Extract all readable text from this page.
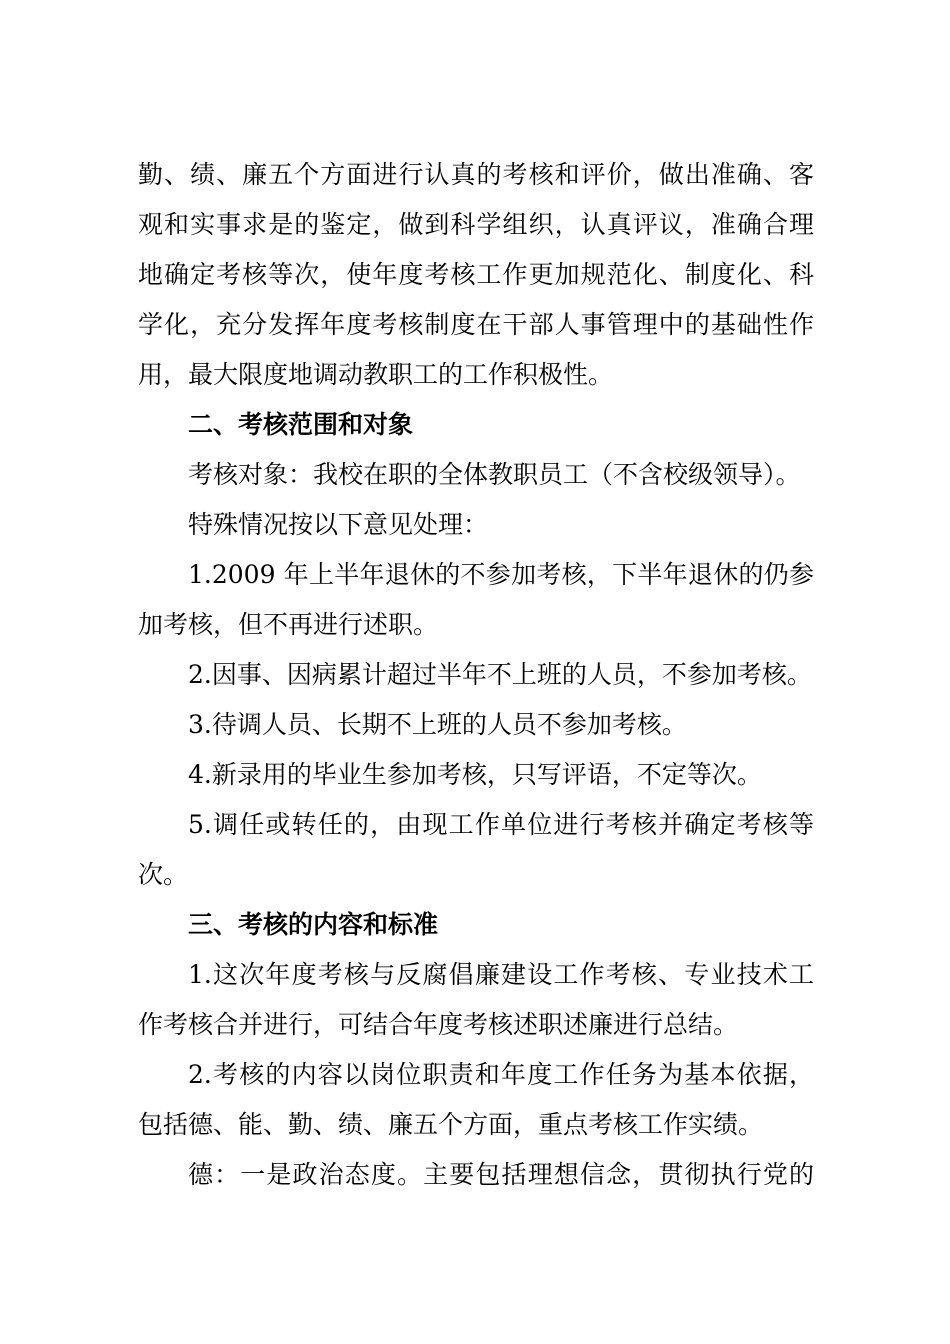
勤、绩、廉五个方面进行认真的考核和评价，做出准确、客
观和实事求是的鉴定，做到科学组织，认真评议，准确合理
地确定考核等次，使年度考核工作更加规范化、制度化、科
学化，充分发挥年度考核制度在干部人事管理中的基础性作
用，最大限度地调动教职工的工作积极性。
二、考核范围和对象
考核对象：我校在职的全体教职员工（不含校级领导）。
特殊情况按以下意见处理：
1.2009 年上半年退休的不参加考核，下半年退休的仍参
加考核，但不再进行述职。
2.因事、因病累计超过半年不上班的人员，不参加考核。
3.待调人员、长期不上班的人员不参加考核。
4.新录用的毕业生参加考核，只写评语，不定等次。
5.调任或转任的，由现工作单位进行考核并确定考核等
次。
三、考核的内容和标准
1.这次年度考核与反腐倡廉建设工作考核、专业技术工
作考核合并进行，可结合年度考核述职述廉进行总结。
2.考核的内容以岗位职责和年度工作任务为基本依据，
包括德、能、勤、绩、廉五个方面，重点考核工作实绩。
德：一是政治态度。主要包括理想信念，贯彻执行党的
